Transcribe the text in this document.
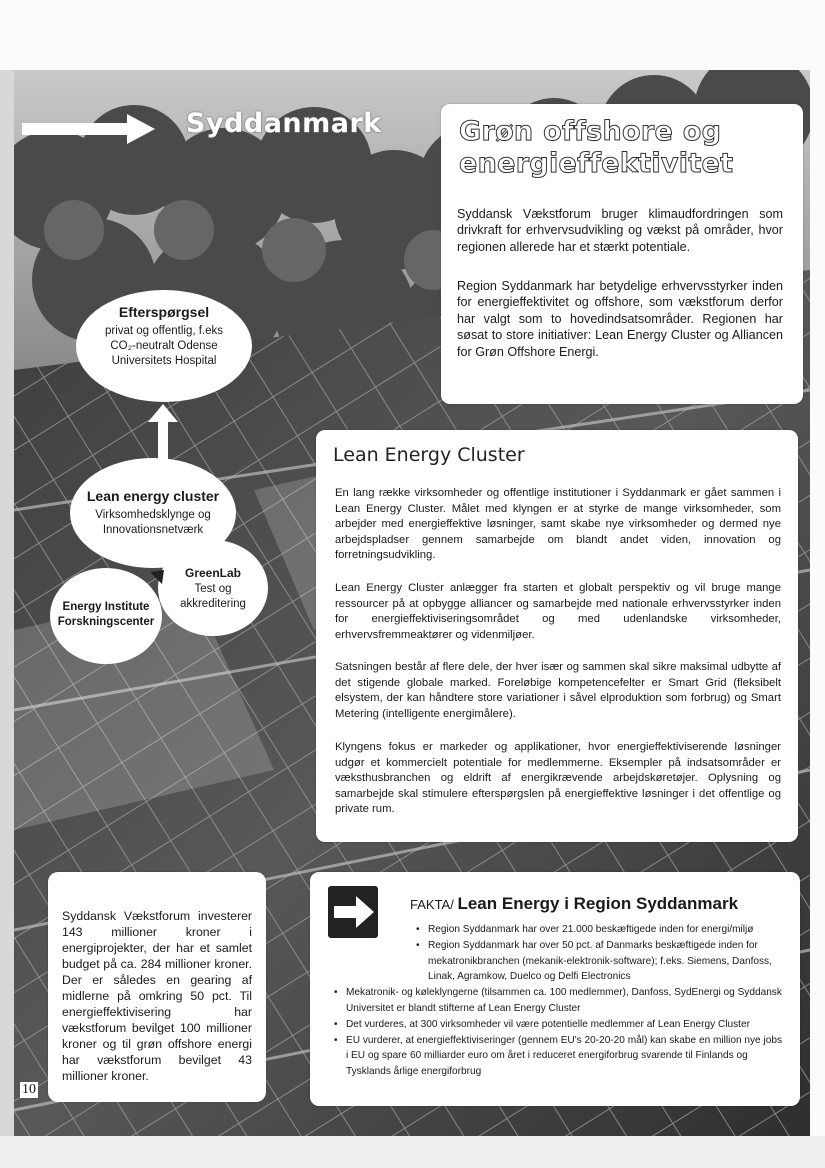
Syddanmark	Grøn offshore og energieffektivitet
Syddansk Vækstforum bruger klimaudfordringen som drivkraft for erhvervsudvikling og vækst på områder, hvor regionen allerede har et stærkt potentiale.
Region Syddanmark har betydelige erhvervsstyrker inden for energieffektivitet og offshore, som vækstforum derfor har valgt som to hovedindsatsområder. Regionen har søsat to store initiativer: Lean Energy Cluster og Alliancen for Grøn Offshore Energi.
Efterspørgsel
privat og offentlig, f.eks CO₂-neutralt Odense Universitets Hospital
Lean energy cluster
Virksomhedsklynge og Innovationsnetværk
GreenLab
Test og akkreditering
Energy Institute Forskningscenter
Lean Energy Cluster
En lang række virksomheder og offentlige institutioner i Syddanmark er gået sammen i Lean Energy Cluster. Målet med klyngen er at styrke de mange virksomheder, som arbejder med energieffektive løsninger, samt skabe nye virksomheder og dermed nye arbejdspladser gennem samarbejde om blandt andet viden, innovation og forretningsudvikling.
Lean Energy Cluster anlægger fra starten et globalt perspektiv og vil bruge mange ressourcer på at opbygge alliancer og samarbejde med nationale erhvervsstyrker inden for energieffektiviseringsområdet og med udenlandske virksomheder, erhvervsfremmeaktører og videnmiljøer.
Satsningen består af flere dele, der hver især og sammen skal sikre maksimal udbytte af det stigende globale marked. Foreløbige kompetencefelter er Smart Grid (fleksibelt elsystem, der kan håndtere store variationer i såvel elproduktion som forbrug) og Smart Metering (intelligente energimålere).
Klyngens fokus er markeder og applikationer, hvor energieffektiviserende løsninger udgør et kommercielt potentiale for medlemmerne. Eksempler på indsatsområder er væksthusbranchen og eldrift af energikrævende arbejdskøretøjer. Oplysning og samarbejde skal stimulere efterspørgslen på energieffektive løsninger i det offentlige og private rum.
Syddansk Vækstforum investerer 143 millioner kroner i energiprojekter, der har et samlet budget på ca. 284 millioner kroner. Der er således en gearing af midlerne på omkring 50 pct. Til energieffektivisering har vækstforum bevilget 100 millioner kroner og til grøn offshore energi har vækstforum bevilget 43 millioner kroner.
FAKTA/ Lean Energy i Region Syddanmark
• Region Syddanmark har over 21.000 beskæftigede inden for energi/miljø
• Region Syddanmark har over 50 pct. af Danmarks beskæftigede inden for mekatronikbranchen (mekanik-elektronik-software); f.eks. Siemens, Danfoss, Linak, Agramkow, Duelco og Delfi Electronics
• Mekatronik- og køleklyngerne (tilsammen ca. 100 medlemmer), Danfoss, SydEnergi og Syddansk Universitet er blandt stifterne af Lean Energy Cluster
• Det vurderes, at 300 virksomheder vil være potentielle medlemmer af Lean Energy Cluster
• EU vurderer, at energieffektiviseringer (gennem EU's 20-20-20 mål) kan skabe en million nye jobs i EU og spare 60 milliarder euro om året i reduceret energiforbrug svarende til Finlands og Tysklands årlige energiforbrug
10
